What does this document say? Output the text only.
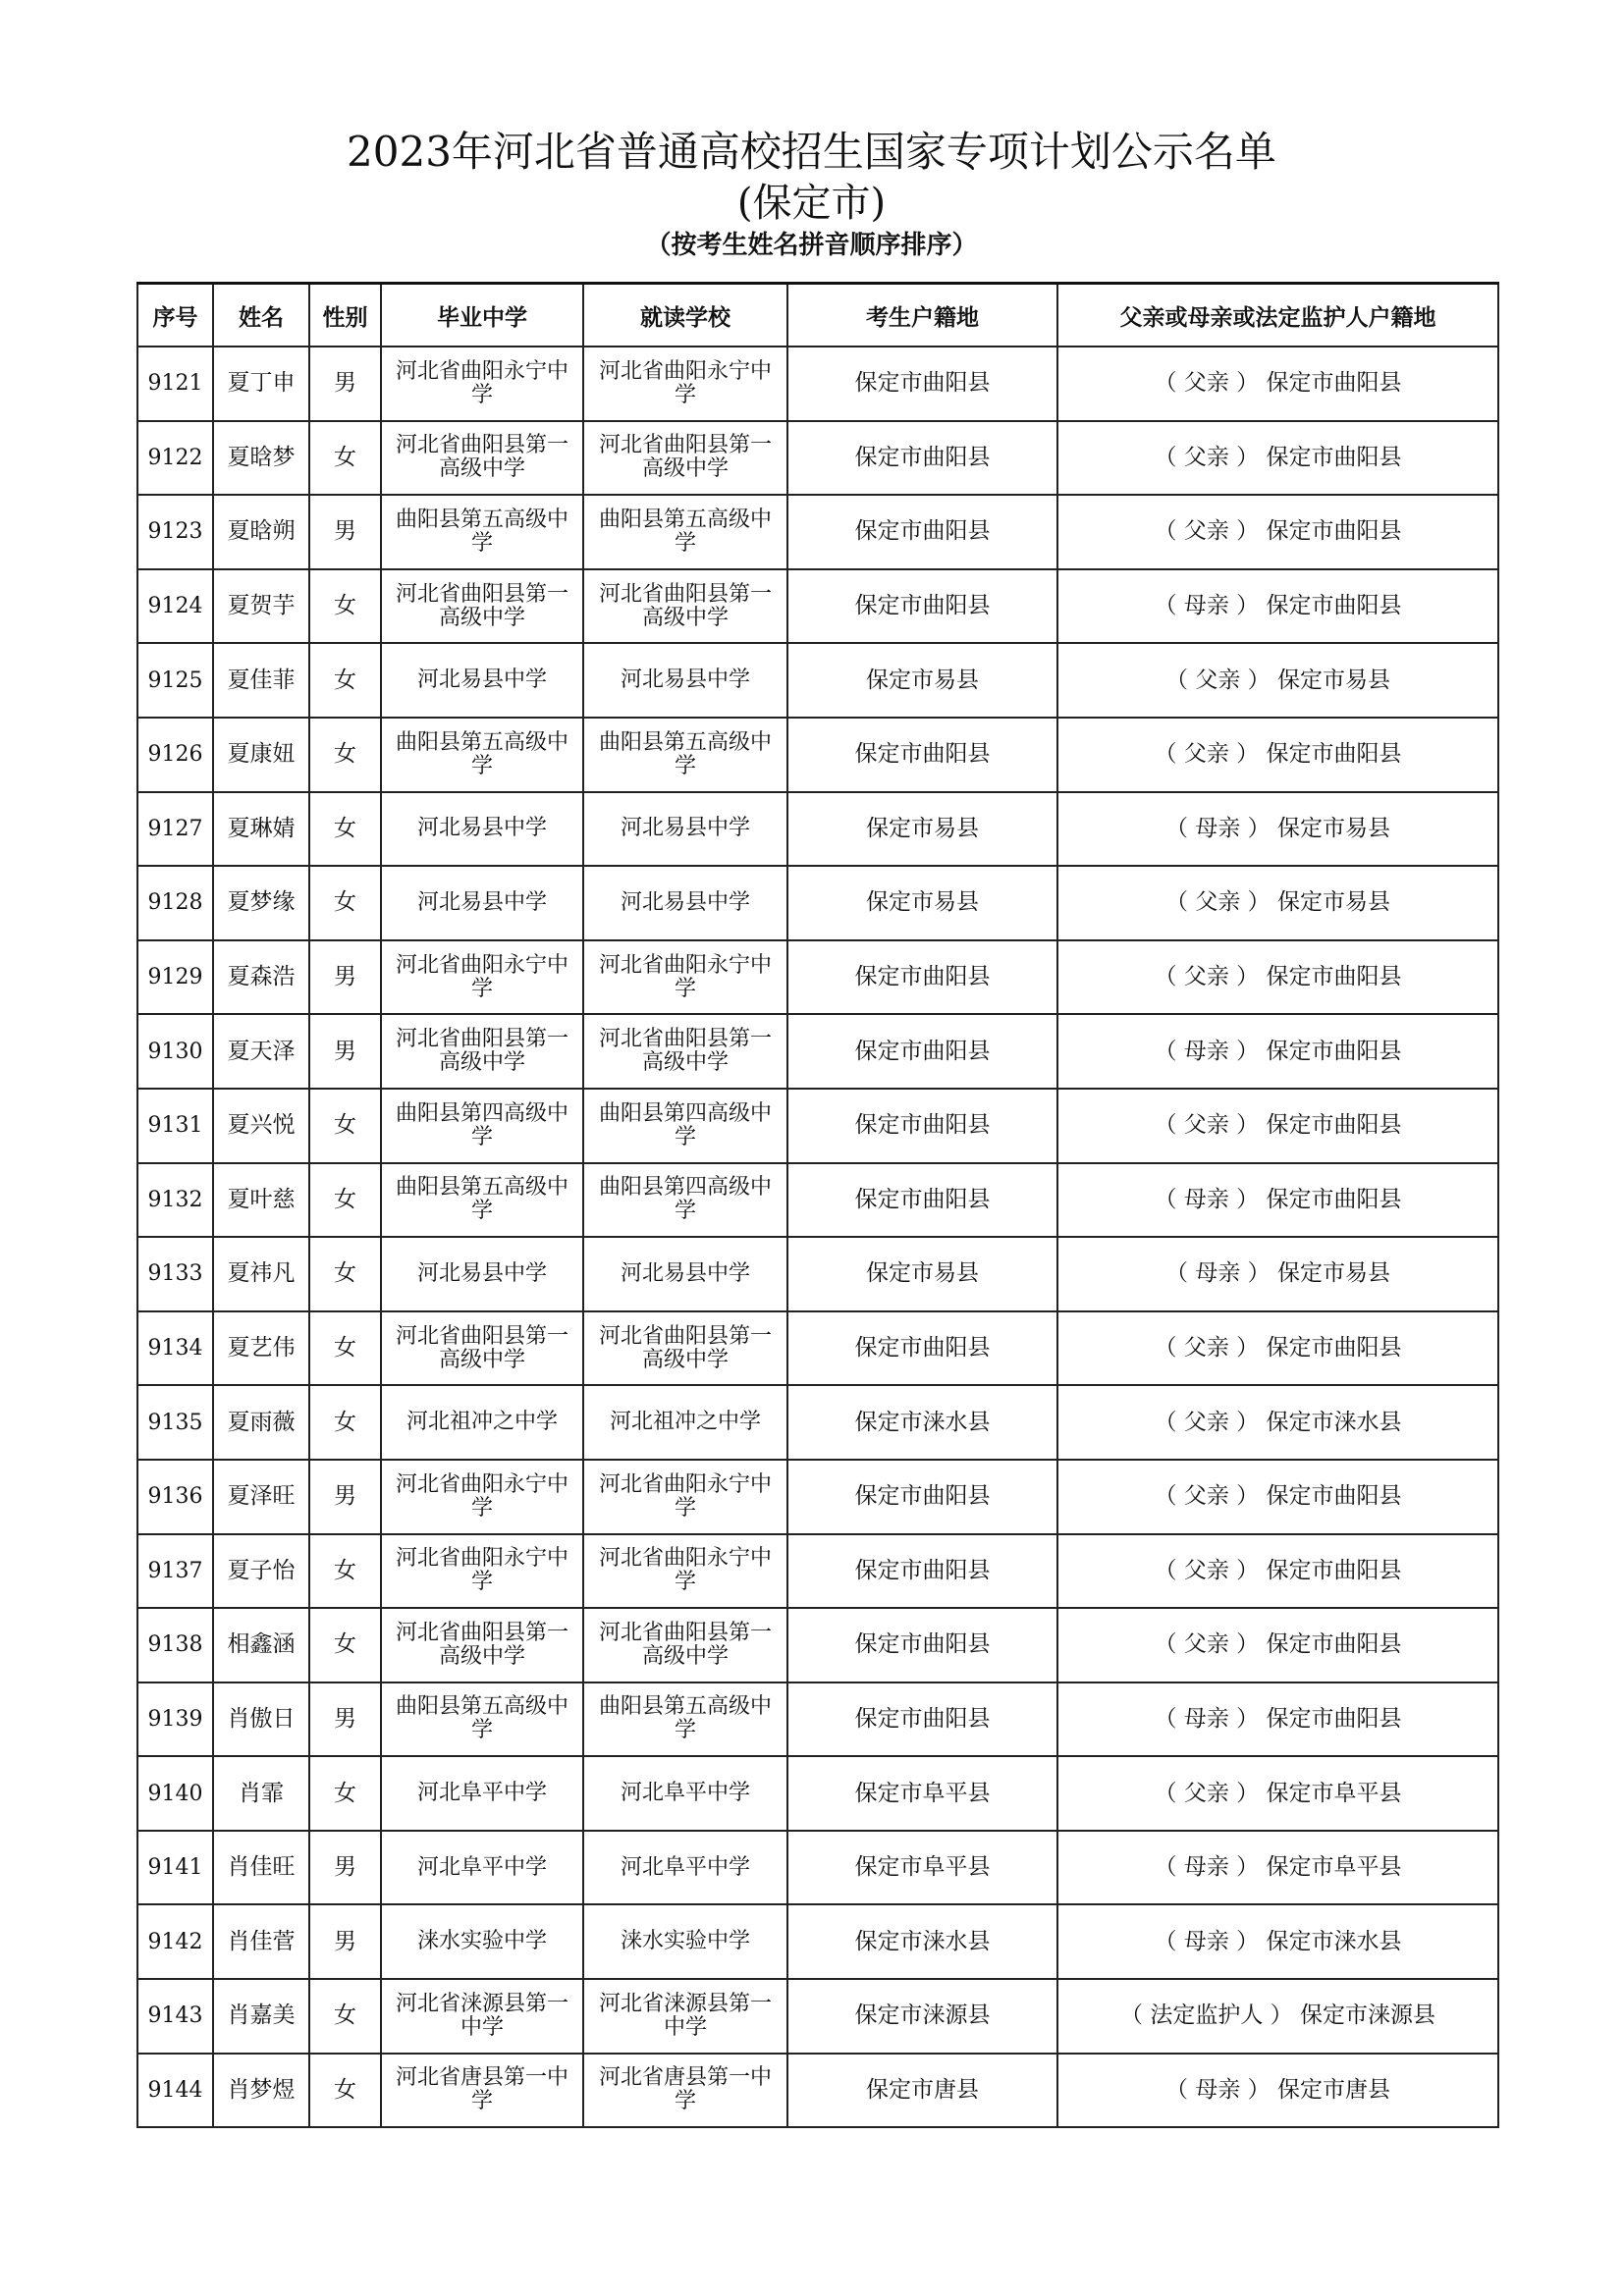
2023年河北省普通高校招生国家专项计划公示名单
(保定市)
（按考生姓名拼音顺序排序）
序号	姓名	性别	毕业中学	就读学校	考生户籍地	父亲或母亲或法定监护人户籍地
9121	夏丁申	男	河北省曲阳永宁中学	河北省曲阳永宁中学	保定市曲阳县	（ 父亲 ） 保定市曲阳县
9122	夏晗梦	女	河北省曲阳县第一高级中学	河北省曲阳县第一高级中学	保定市曲阳县	（ 父亲 ） 保定市曲阳县
9123	夏晗朔	男	曲阳县第五高级中学	曲阳县第五高级中学	保定市曲阳县	（ 父亲 ） 保定市曲阳县
9124	夏贺芋	女	河北省曲阳县第一高级中学	河北省曲阳县第一高级中学	保定市曲阳县	（ 母亲 ） 保定市曲阳县
9125	夏佳菲	女	河北易县中学	河北易县中学	保定市易县	（ 父亲 ） 保定市易县
9126	夏康妞	女	曲阳县第五高级中学	曲阳县第五高级中学	保定市曲阳县	（ 父亲 ） 保定市曲阳县
9127	夏琳婧	女	河北易县中学	河北易县中学	保定市易县	（ 母亲 ） 保定市易县
9128	夏梦缘	女	河北易县中学	河北易县中学	保定市易县	（ 父亲 ） 保定市易县
9129	夏森浩	男	河北省曲阳永宁中学	河北省曲阳永宁中学	保定市曲阳县	（ 父亲 ） 保定市曲阳县
9130	夏天泽	男	河北省曲阳县第一高级中学	河北省曲阳县第一高级中学	保定市曲阳县	（ 母亲 ） 保定市曲阳县
9131	夏兴悦	女	曲阳县第四高级中学	曲阳县第四高级中学	保定市曲阳县	（ 父亲 ） 保定市曲阳县
9132	夏叶慈	女	曲阳县第五高级中学	曲阳县第四高级中学	保定市曲阳县	（ 母亲 ） 保定市曲阳县
9133	夏祎凡	女	河北易县中学	河北易县中学	保定市易县	（ 母亲 ） 保定市易县
9134	夏艺伟	女	河北省曲阳县第一高级中学	河北省曲阳县第一高级中学	保定市曲阳县	（ 父亲 ） 保定市曲阳县
9135	夏雨薇	女	河北祖冲之中学	河北祖冲之中学	保定市涞水县	（ 父亲 ） 保定市涞水县
9136	夏泽旺	男	河北省曲阳永宁中学	河北省曲阳永宁中学	保定市曲阳县	（ 父亲 ） 保定市曲阳县
9137	夏子怡	女	河北省曲阳永宁中学	河北省曲阳永宁中学	保定市曲阳县	（ 父亲 ） 保定市曲阳县
9138	相鑫涵	女	河北省曲阳县第一高级中学	河北省曲阳县第一高级中学	保定市曲阳县	（ 父亲 ） 保定市曲阳县
9139	肖傲日	男	曲阳县第五高级中学	曲阳县第五高级中学	保定市曲阳县	（ 母亲 ） 保定市曲阳县
9140	肖霏	女	河北阜平中学	河北阜平中学	保定市阜平县	（ 父亲 ） 保定市阜平县
9141	肖佳旺	男	河北阜平中学	河北阜平中学	保定市阜平县	（ 母亲 ） 保定市阜平县
9142	肖佳菅	男	涞水实验中学	涞水实验中学	保定市涞水县	（ 母亲 ） 保定市涞水县
9143	肖嘉美	女	河北省涞源县第一中学	河北省涞源县第一中学	保定市涞源县	（ 法定监护人 ） 保定市涞源县
9144	肖梦煜	女	河北省唐县第一中学	河北省唐县第一中学	保定市唐县	（ 母亲 ） 保定市唐县
